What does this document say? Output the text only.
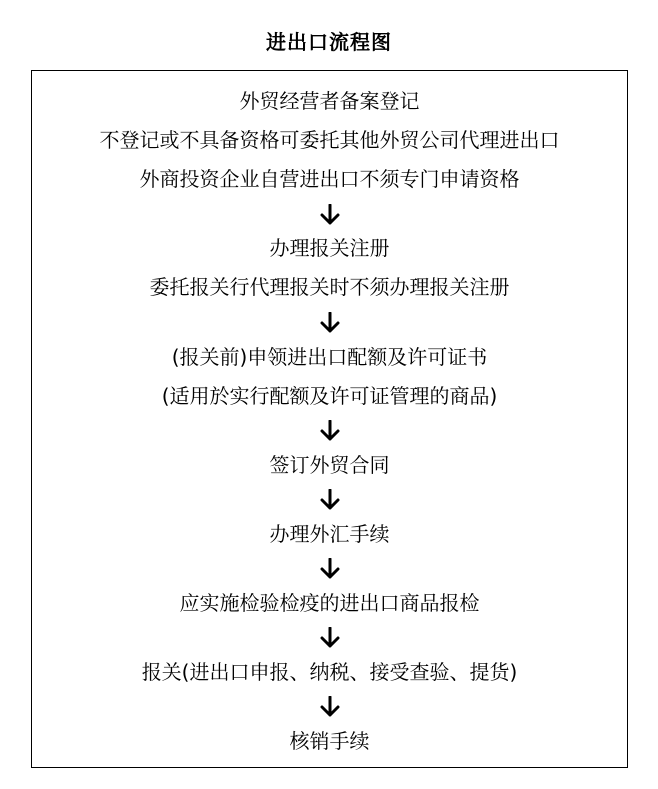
进出口流程图
外贸经营者备案登记
不登记或不具备资格可委托其他外贸公司代理进出口
外商投资企业自营进出口不须专门申请资格
办理报关注册
委托报关行代理报关时不须办理报关注册
(报关前)申领进出口配额及许可证书
(适用於实行配额及许可证管理的商品)
签订外贸合同
办理外汇手续
应实施检验检疫的进出口商品报检
报关(进出口申报、纳税、接受查验、提货)
核销手续
